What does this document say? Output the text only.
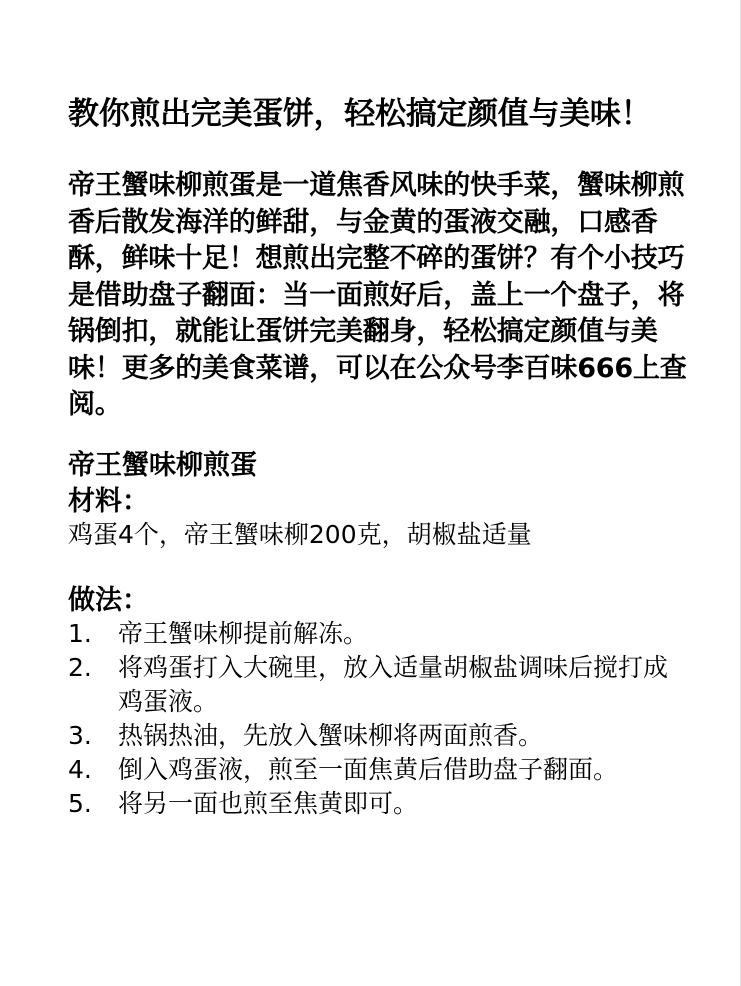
教你煎出完美蛋饼，轻松搞定颜值与美味！
帝王蟹味柳煎蛋是一道焦香风味的快手菜，蟹味柳煎香后散发海洋的鲜甜，与金黄的蛋液交融，口感香酥，鲜味十足！想煎出完整不碎的蛋饼？有个小技巧是借助盘子翻面：当一面煎好后，盖上一个盘子，将锅倒扣，就能让蛋饼完美翻身，轻松搞定颜值与美味！更多的美食菜谱，可以在公众号李百味666上查阅。
帝王蟹味柳煎蛋
材料：
鸡蛋4个，帝王蟹味柳200克，胡椒盐适量
做法：
1. 帝王蟹味柳提前解冻。
2. 将鸡蛋打入大碗里，放入适量胡椒盐调味后搅打成鸡蛋液。
3. 热锅热油，先放入蟹味柳将两面煎香。
4. 倒入鸡蛋液，煎至一面焦黄后借助盘子翻面。
5. 将另一面也煎至焦黄即可。
